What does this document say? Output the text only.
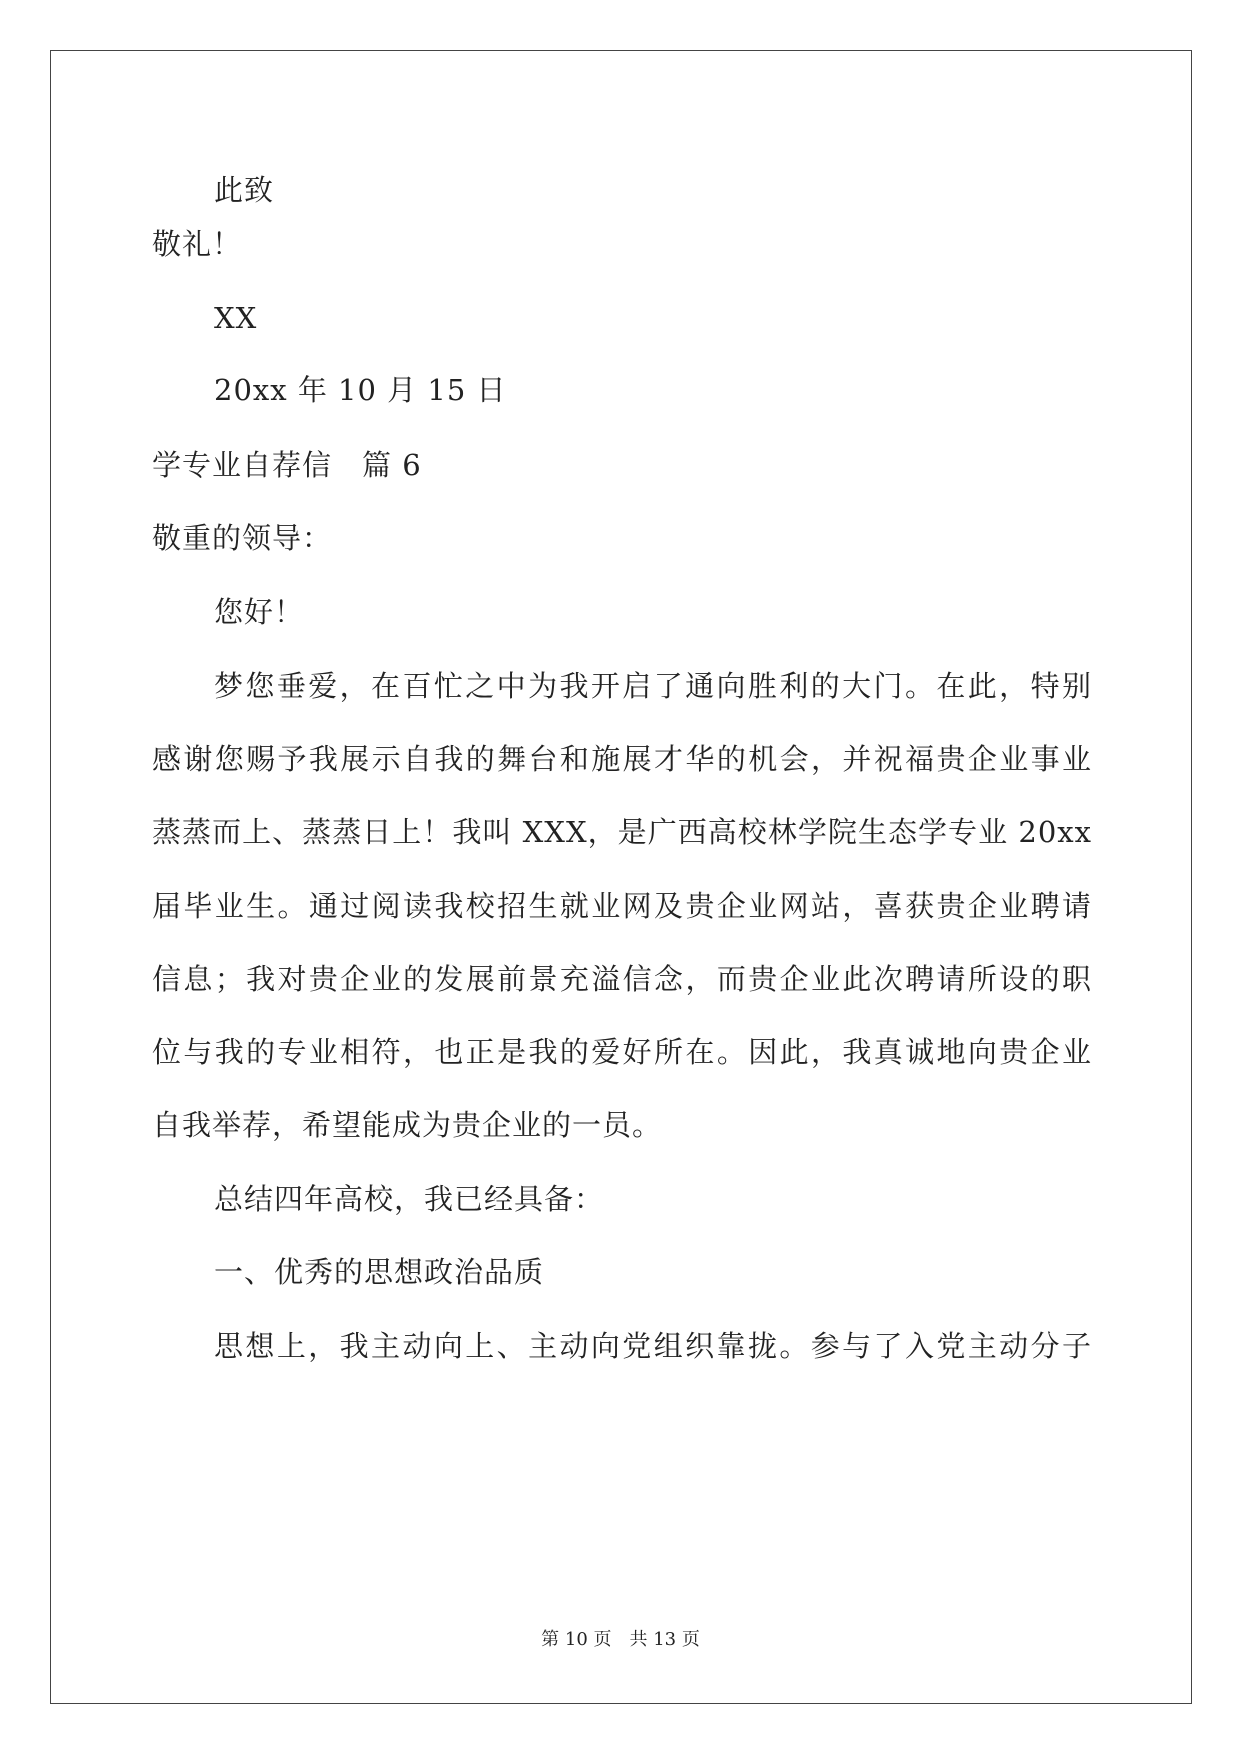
此致
敬礼！
XX
20xx 年 10 月 15 日
学专业自荐信　篇 6
敬重的领导：
您好！
梦您垂爱，在百忙之中为我开启了通向胜利的大门。在此，特别
感谢您赐予我展示自我的舞台和施展才华的机会，并祝福贵企业事业
蒸蒸而上、蒸蒸日上！我叫 XXX，是广西高校林学院生态学专业 20xx
届毕业生。通过阅读我校招生就业网及贵企业网站，喜获贵企业聘请
信息；我对贵企业的发展前景充溢信念，而贵企业此次聘请所设的职
位与我的专业相符，也正是我的爱好所在。因此，我真诚地向贵企业
自我举荐，希望能成为贵企业的一员。
总结四年高校，我已经具备：
一、优秀的思想政治品质
思想上，我主动向上、主动向党组织靠拢。参与了入党主动分子
第 10 页　共 13 页
